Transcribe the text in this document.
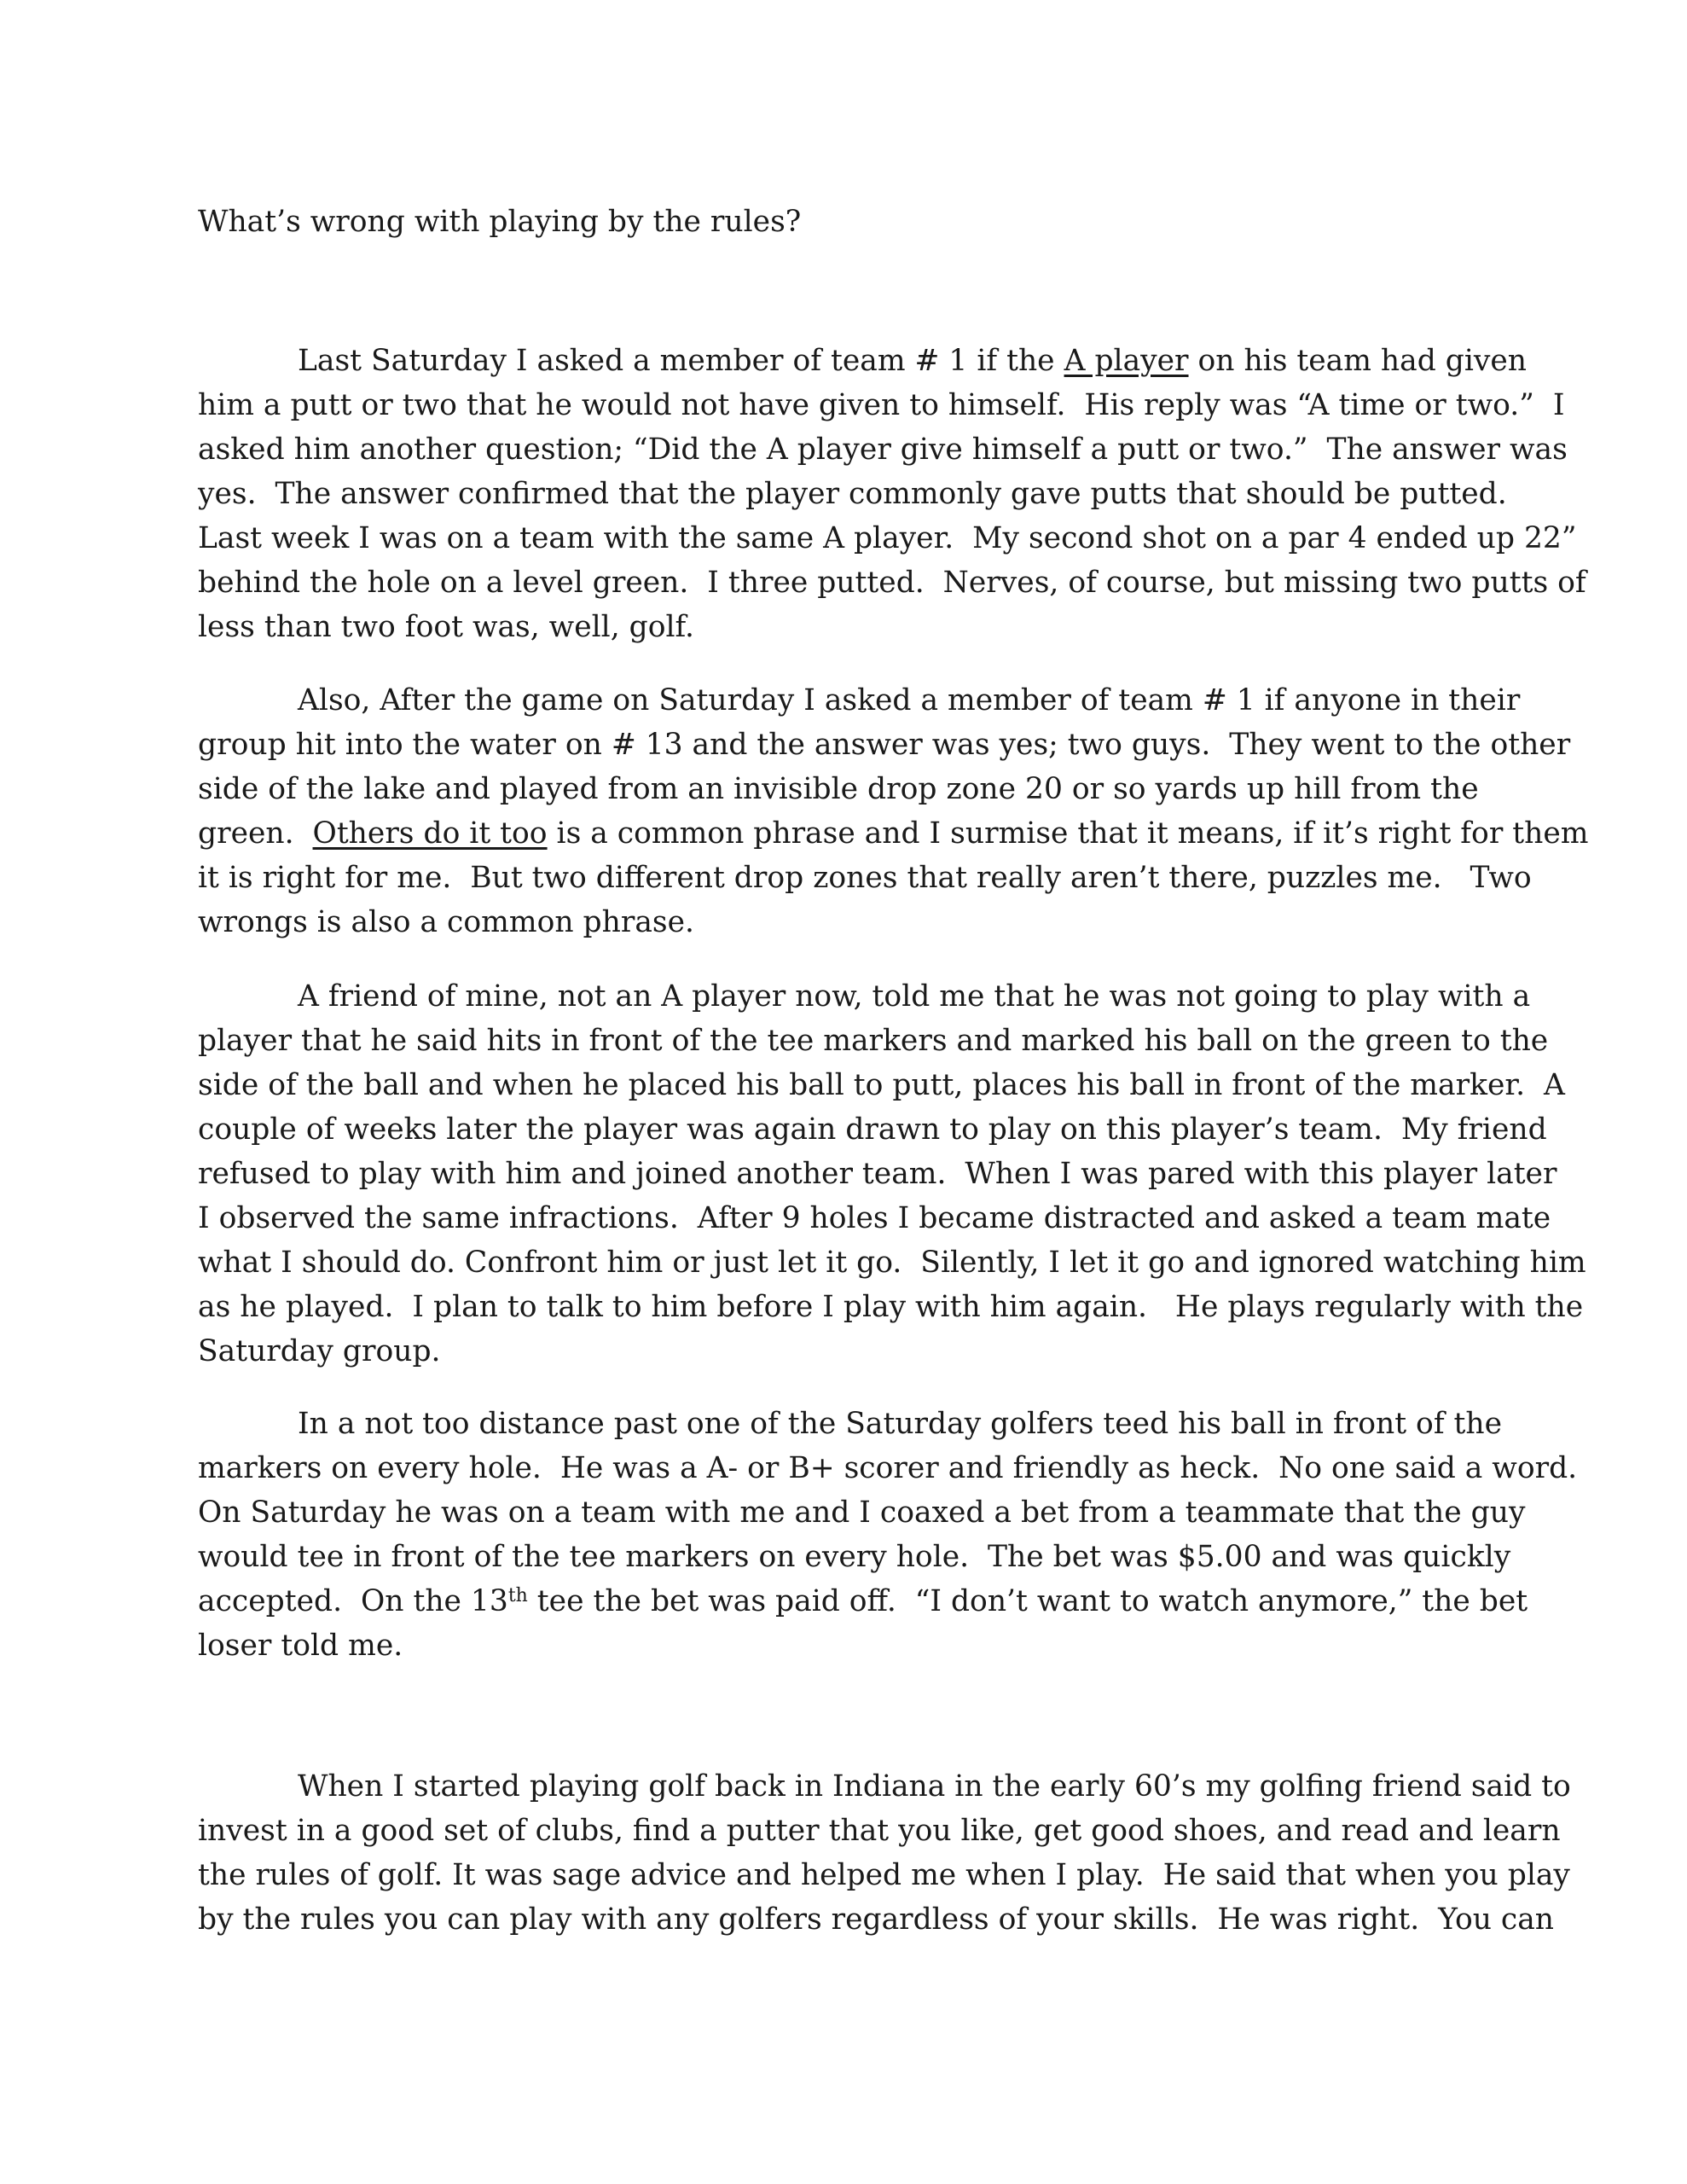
What’s wrong with playing by the rules?
Last Saturday I asked a member of team # 1 if the A player on his team had given
him a putt or two that he would not have given to himself.  His reply was “A time or two.”  I
asked him another question; “Did the A player give himself a putt or two.”  The answer was
yes.  The answer confirmed that the player commonly gave putts that should be putted.
Last week I was on a team with the same A player.  My second shot on a par 4 ended up 22”
behind the hole on a level green.  I three putted.  Nerves, of course, but missing two putts of
less than two foot was, well, golf.
Also, After the game on Saturday I asked a member of team # 1 if anyone in their
group hit into the water on # 13 and the answer was yes; two guys.  They went to the other
side of the lake and played from an invisible drop zone 20 or so yards up hill from the
green.  Others do it too is a common phrase and I surmise that it means, if it’s right for them
it is right for me.  But two different drop zones that really aren’t there, puzzles me.   Two
wrongs is also a common phrase.
A friend of mine, not an A player now, told me that he was not going to play with a
player that he said hits in front of the tee markers and marked his ball on the green to the
side of the ball and when he placed his ball to putt, places his ball in front of the marker.  A
couple of weeks later the player was again drawn to play on this player’s team.  My friend
refused to play with him and joined another team.  When I was pared with this player later
I observed the same infractions.  After 9 holes I became distracted and asked a team mate
what I should do. Confront him or just let it go.  Silently, I let it go and ignored watching him
as he played.  I plan to talk to him before I play with him again.   He plays regularly with the
Saturday group.
In a not too distance past one of the Saturday golfers teed his ball in front of the
markers on every hole.  He was a A- or B+ scorer and friendly as heck.  No one said a word.
On Saturday he was on a team with me and I coaxed a bet from a teammate that the guy
would tee in front of the tee markers on every hole.  The bet was $5.00 and was quickly
accepted.  On the 13th tee the bet was paid off.  “I don’t want to watch anymore,” the bet
loser told me.
When I started playing golf back in Indiana in the early 60’s my golfing friend said to
invest in a good set of clubs, find a putter that you like, get good shoes, and read and learn
the rules of golf. It was sage advice and helped me when I play.  He said that when you play
by the rules you can play with any golfers regardless of your skills.  He was right.  You can
